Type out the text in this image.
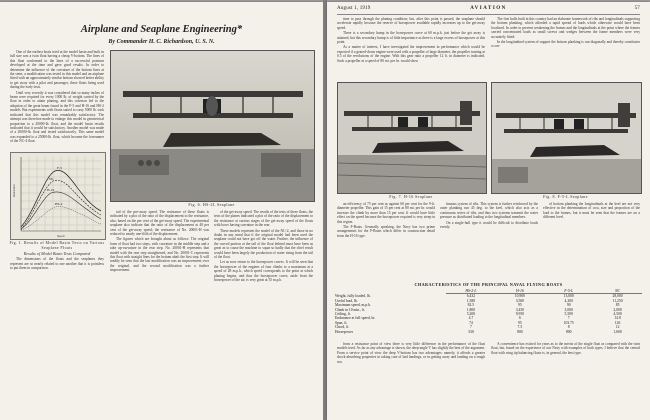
Airplane and Seaplane Engineering*
By Commander H. C. Richardson, U. S. N.

One of the earliest boats tried at the model basin and built in full size was a twin float having a cheap V-bottom. The lines of this float conformed to the lines of a successful pontoon developed at the time and gave good results. In order to determine the influence of the curvature of the bottom lines at the stern, a modification was tested in this model and an airplane fitted with an approximately similar bottom showed better ability to get away with a pilot and passenger, these floats being used during the early tests.

Until very recently it was considered that so many inches of beam were required for every 1000 lb. of weight carried by the float in order to attain planing, and this criterion led to the adoption of the great beam found in the F-5 and H-16 and HS-2 models. But experiments with floats suited to carry 5000 lb. took indicated that this model was remarkably satisfactory. The attempt was therefore made to enlarge this model in geometrical proportion to a 20000-lb. float, and the model basin results indicated that it would be satisfactory. Another model was made of a 20000-lb. float and tested satisfactorily. This same model was expanded to a 25000-lb. float, which became the forerunner of the NC-4 float.

F-5
NC
H-16
HS-2
Resistance
Speed
Fig. 1. Results of Model Basin Tests on Various Seaplane Floats

Results of Model Basin Tests Compared

The dimensions of the floats and the seaplanes they represent are so nearly related to one another that it is pointless to put them in comparison.

Fig. 6. HS-2L Seaplane

tail of the pre-away speed. The resistance of these floats is indicated by a plot of the ratio of the displacement to the resistance, also, based on the per cent of the get-away speed. The experimental seaplane also indicate that the ratio of the displacement at 40 per cent of the get-away speed; the resistance of No. 20001-H was reduced to nearly one-fifth of the displacement.

The figures which are brought about as follows: The original form of float had two steps, with curvature in the middle step and a rake up-curvature in the rear step. No. 20001-H represents that model with the rear step straightened, and No. 20001-C represents this float with straight lines for the bottom abaft the first step. It will readily be seen that the last modification was an improvement over the original, and the second modification was a further improvement.

of the get-away speed. The results of the tests of these floats, the tests of the planes indicated a plot of the ratio of the displacement to the resistance at various stages of the get-away speed of the floats with bows having curvature in the rear.

These models represent the model of the NC-2, and those in no doubt in any mind that if the original model had been used the seaplane could not have got off the water. Further, the influence of the curved portion at the tail of the float behind must have been as great as to cause the machine to squat so badly that the chief result would have been largely the production of water rising from the tail of the float.

Let us now return to the horsepower curves. It will be seen that the horsepower of the engines of four climbs to a maximum at a speed of 28 m.p.h., which speed corresponds to the point at which planing begins, and thus the horsepower curve, aside from the horsepower of the air, is very great at 55 m.p.h.

August 1, 1919	AVIATION	57

time to pass through the planing condition; but, after this point is passed, the seaplane should accelerate rapidly because the reserve of horsepower available rapidly increases up to the get-away speed.

There is a secondary hump in the horsepower curve at 60 m.p.h. just before the get away is attained, but this secondary hump is of little importance as there is a large excess of horsepower at this point.

As a matter of interest, I have investigated the improvement in performance which would be expected if a geared-down engine were used with a propeller of large diameter, the propeller turning at 0.5 of the revolutions of the engine. With this gear ratio a propeller 12 ft. in diameter is indicated. Such a propeller at a speed of 80 mi. per hr. would show

The first hulls built in this country had an elaborate framework of ribs and longitudinals supporting the bottom planking, which afforded a rapid spread of loads which otherwise would have been localized. In order to prevent weakening the frames and the longitudinals at the point where the frames carried concentrated loads as small screws and wedges between the frame members were very accurately fitted.

In the longitudinal system of support the bottom planking is run diagonally and thereby constitutes a con-

Fig. 7. H-16 Seaplane	Fig. 8. F-5-L Seaplane

an efficiency of 75 per cent as against 60 per cent for the 9-ft. diameter propeller. This gain of 15 per cent at 80 mi. per hr. would increase the climb by more than 15 per cent. It would have little effect on the speed because the horsepower required is very steep in this region.

The F-Boats. Generally speaking, the Navy has two prime arrangements for the F-Boats which differ in construction detail from the H-16 type.

tinuous system of ribs. This system is further reinforced by the outer planking run 45 deg. to the keel, which also acts as a continuous series of ribs, and thus two systems transmit the water pressure as distributed loading to the longitudinal members.

On a single-hull type it would be difficult to distribute loads evenly.

of bottom planking the longitudinals at the keel are not very effective in the determination of cost, size and proportion of the load to the frames, but it must be seen that the frames are on a different level.

CHARACTERISTICS OF THE PRINCIPAL NAVAL FLYING BOATS
	HS-2-L	H-16	F-5-L	NC
Weight, fully loaded, lb.	6,432	10,900	13,000	28,000
Useful load, lb.	1,580	3,500	4,200	11,250
Maximum speed, m.p.h.	82.5	95	90	85
Climb in 10 min., ft.	1,800	3,450	3,000	2,000
Ceiling, ft.	5,200	9,950	5,500	4,500
Endurance at full speed, hr.	4.7	6	7	14.8
Span, ft.	74	95	103.75	126
Chord, ft.	7	7.5	8	12
Horsepower	330	800	800	1,600

from a resistance point of view there is very little difference in the performance of the float models tried. As far as any advantage is shown, the deep-angle V has slightly the best of the argument. From a service point of view the deep V-bottom has two advantages: namely, it affords a greater shock-absorbing properties in taking care of bad landings, or in getting away and landing on a rough sea.

A convenience has existed for years as to the merits of the single float as compared with the twin float, but, based on the experience of our Navy with examples of both types, I believe that the central float with wing tip balancing floats is, in general, the best type.
